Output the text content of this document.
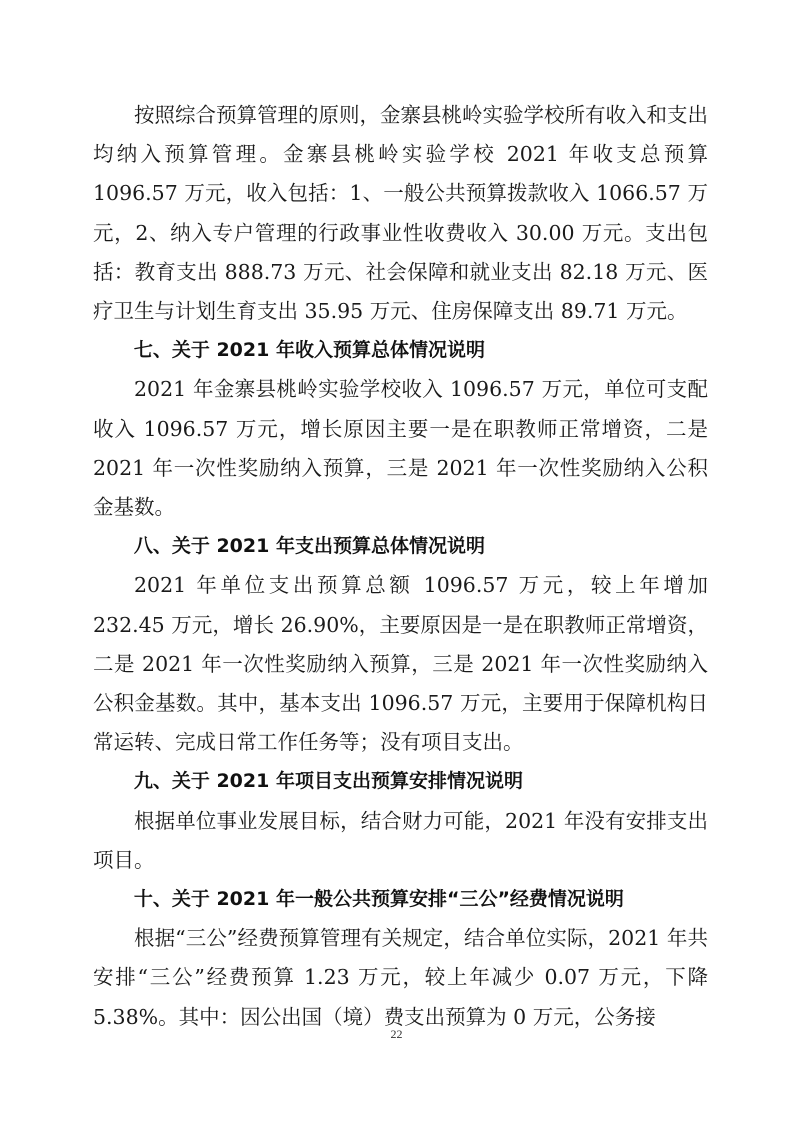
按照综合预算管理的原则，金寨县桃岭实验学校所有收入和支出均纳入预算管理。金寨县桃岭实验学校 2021 年收支总预算 1096.57 万元，收入包括：1、一般公共预算拨款收入 1066.57 万元，2、纳入专户管理的行政事业性收费收入 30.00 万元。支出包括：教育支出 888.73 万元、社会保障和就业支出 82.18 万元、医疗卫生与计划生育支出 35.95 万元、住房保障支出 89.71 万元。

七、关于 2021 年收入预算总体情况说明

2021 年金寨县桃岭实验学校收入 1096.57 万元，单位可支配收入 1096.57 万元，增长原因主要一是在职教师正常增资，二是 2021 年一次性奖励纳入预算，三是 2021 年一次性奖励纳入公积金基数。

八、关于 2021 年支出预算总体情况说明

2021 年单位支出预算总额 1096.57 万元，较上年增加 232.45 万元，增长 26.90%，主要原因是一是在职教师正常增资，二是 2021 年一次性奖励纳入预算，三是 2021 年一次性奖励纳入公积金基数。其中，基本支出 1096.57 万元，主要用于保障机构日常运转、完成日常工作任务等；没有项目支出。

九、关于 2021 年项目支出预算安排情况说明

根据单位事业发展目标，结合财力可能，2021 年没有安排支出项目。

十、关于 2021 年一般公共预算安排“三公”经费情况说明

根据“三公”经费预算管理有关规定，结合单位实际，2021 年共安排“三公”经费预算 1.23 万元，较上年减少 0.07 万元，下降 5.38%。其中：因公出国（境）费支出预算为 0 万元，公务接

22
